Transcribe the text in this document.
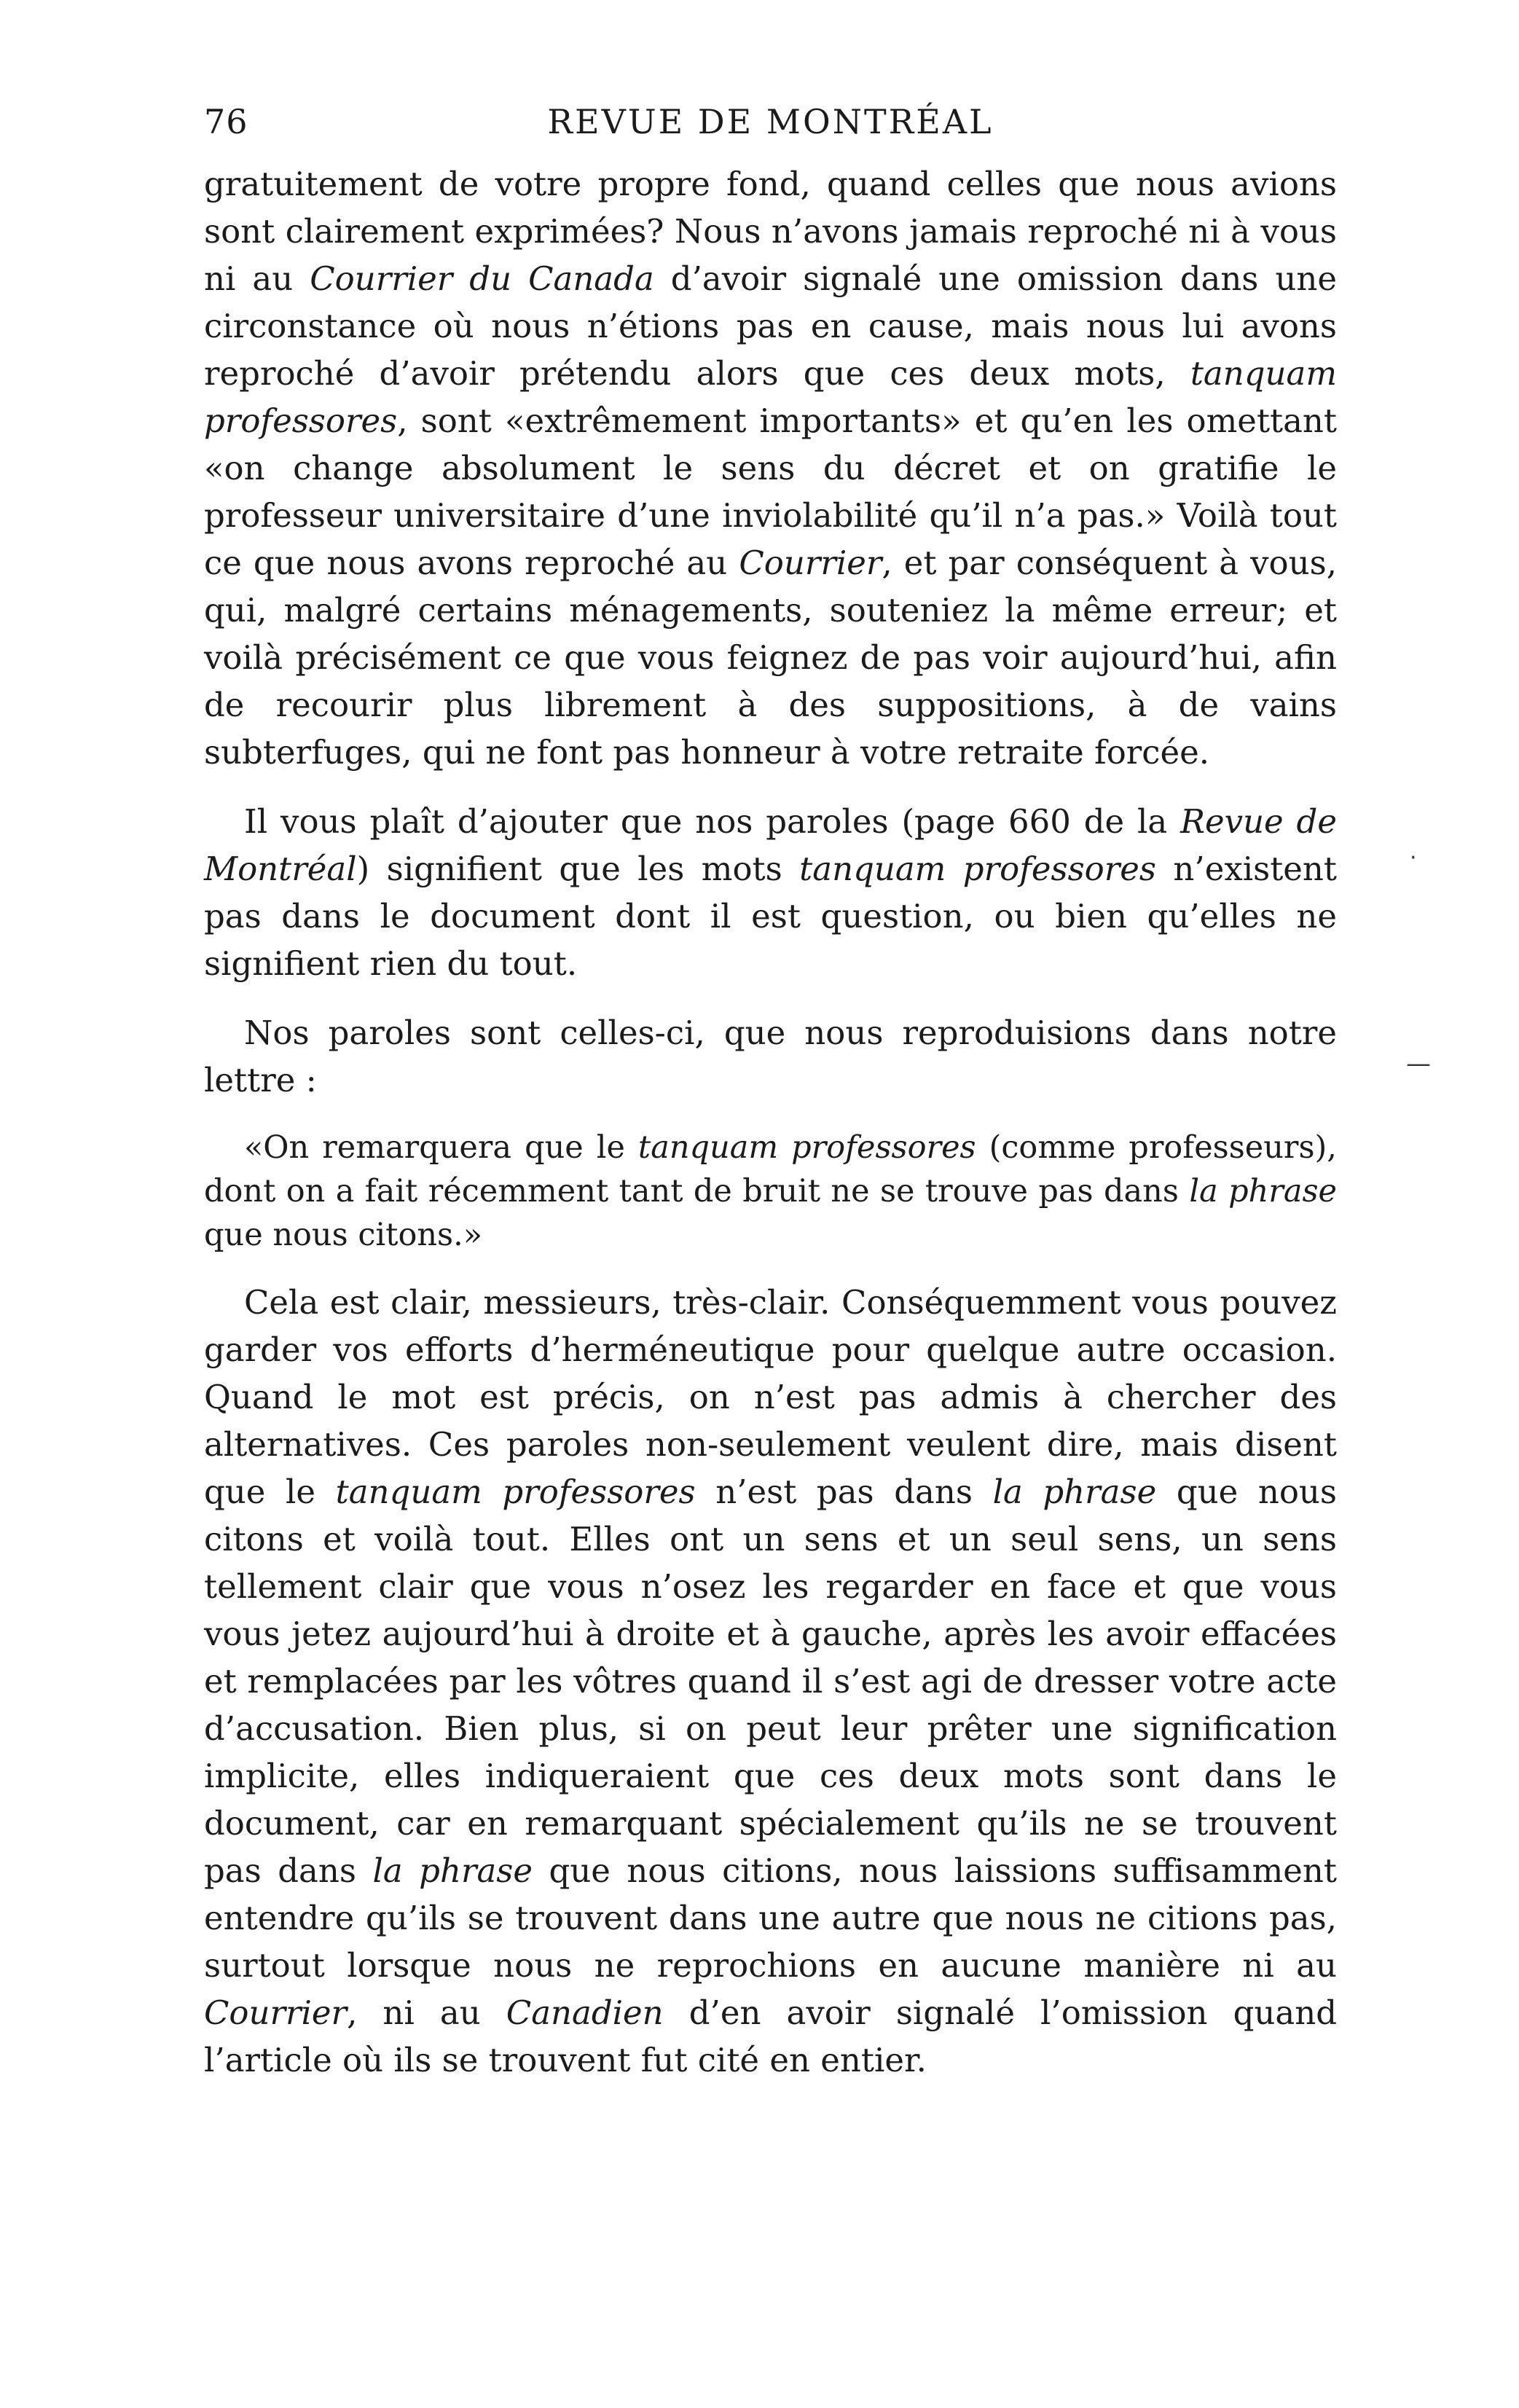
76	REVUE DE MONTRÉAL

gratuitement de votre propre fond, quand celles que nous avions sont clairement exprimées? Nous n’avons jamais reproché ni à vous ni au Courrier du Canada d’avoir signalé une omission dans une circonstance où nous n’étions pas en cause, mais nous lui avons reproché d’avoir prétendu alors que ces deux mots, tanquam professores, sont «extrêmement importants» et qu’en les omettant «on change absolument le sens du décret et on gratifie le professeur universitaire d’une inviolabilité qu’il n’a pas.» Voilà tout ce que nous avons reproché au Courrier, et par conséquent à vous, qui, malgré certains ménagements, souteniez la même erreur; et voilà précisément ce que vous feignez de pas voir aujourd’hui, afin de recourir plus librement à des suppositions, à de vains subterfuges, qui ne font pas honneur à votre retraite forcée.

Il vous plaît d’ajouter que nos paroles (page 660 de la Revue de Montréal) signifient que les mots tanquam professores n’existent pas dans le document dont il est question, ou bien qu’elles ne signifient rien du tout.

Nos paroles sont celles-ci, que nous reproduisions dans notre lettre :

«On remarquera que le tanquam professores (comme professeurs), dont on a fait récemment tant de bruit ne se trouve pas dans la phrase que nous citons.»

Cela est clair, messieurs, très-clair. Conséquemment vous pouvez garder vos efforts d’herméneutique pour quelque autre occasion. Quand le mot est précis, on n’est pas admis à chercher des alternatives. Ces paroles non-seulement veulent dire, mais disent que le tanquam professores n’est pas dans la phrase que nous citons et voilà tout. Elles ont un sens et un seul sens, un sens tellement clair que vous n’osez les regarder en face et que vous vous jetez aujourd’hui à droite et à gauche, après les avoir effacées et remplacées par les vôtres quand il s’est agi de dresser votre acte d’accusation. Bien plus, si on peut leur prêter une signification implicite, elles indiqueraient que ces deux mots sont dans le document, car en remarquant spécialement qu’ils ne se trouvent pas dans la phrase que nous citions, nous laissions suffisamment entendre qu’ils se trouvent dans une autre que nous ne citions pas, surtout lorsque nous ne reprochions en aucune manière ni au Courrier, ni au Canadien d’en avoir signalé l’omission quand l’article où ils se trouvent fut cité en entier.

·
—
